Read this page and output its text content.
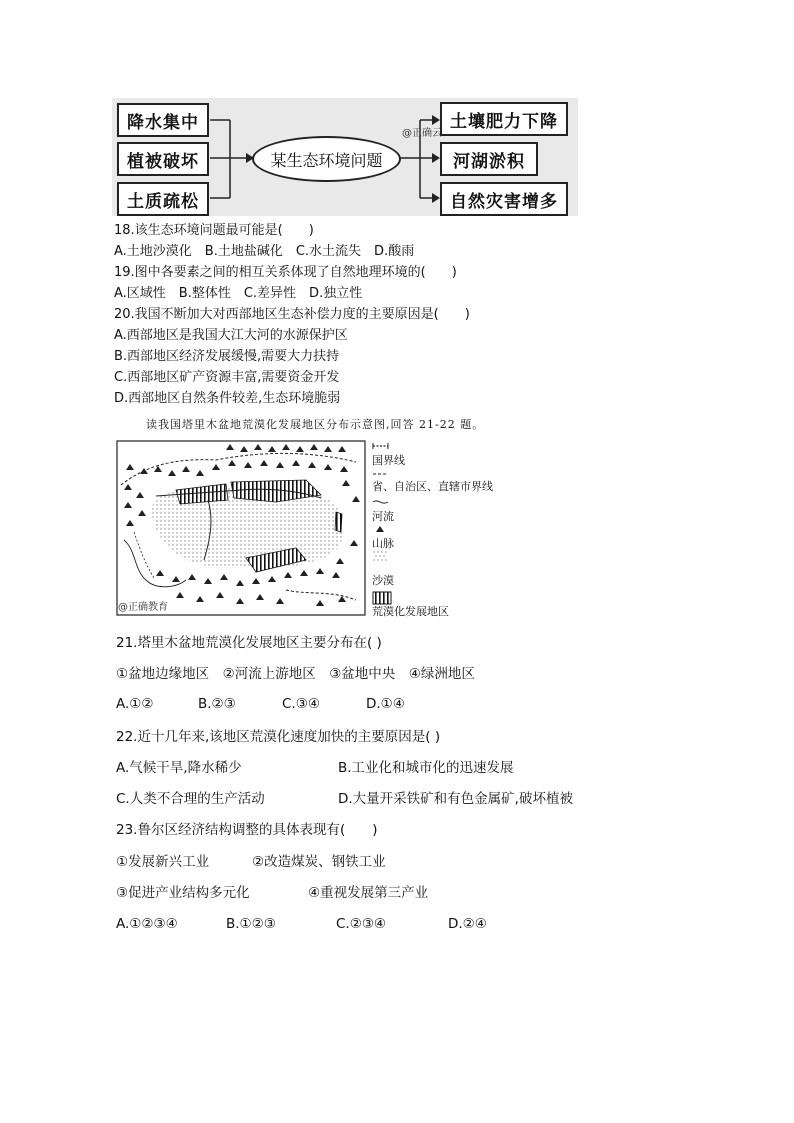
降水集中
植被破坏
土质疏松
某生态环境问题
土壤肥力下降
河湖淤积
自然灾害增多
@正确云
18.该生态环境问题最可能是(　　)
A.土地沙漠化　B.土地盐碱化　C.水土流失　D.酸雨
19.图中各要素之间的相互关系体现了自然地理环境的(　　)
A.区域性　B.整体性　C.差异性　D.独立性
20.我国不断加大对西部地区生态补偿力度的主要原因是(　　)
A.西部地区是我国大江大河的水源保护区
B.西部地区经济发展缓慢,需要大力扶持
C.西部地区矿产资源丰富,需要资金开发
D.西部地区自然条件较差,生态环境脆弱
读我国塔里木盆地荒漠化发展地区分布示意图,回答 21-22 题。
@正确教育
国界线
省、自治区、直辖市界线
河流
山脉
沙漠
荒漠化发展地区
21.塔里木盆地荒漠化发展地区主要分布在( )
①盆地边缘地区　②河流上游地区　③盆地中央　④绿洲地区
A.①②	B.②③	C.③④	D.①④
22.近十几年来,该地区荒漠化速度加快的主要原因是( )
A.气候干旱,降水稀少	B.工业化和城市化的迅速发展
C.人类不合理的生产活动	D.大量开采铁矿和有色金属矿,破坏植被
23.鲁尔区经济结构调整的具体表现有(　　)
①发展新兴工业	②改造煤炭、钢铁工业
③促进产业结构多元化	④重视发展第三产业
A.①②③④	B.①②③	C.②③④	D.②④
